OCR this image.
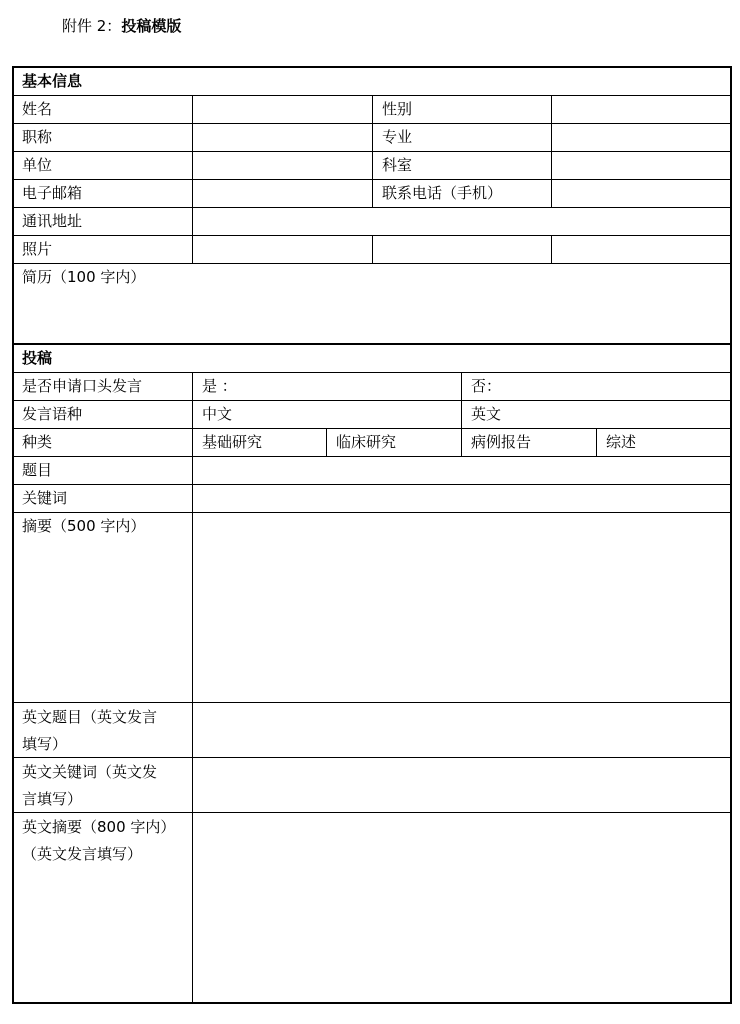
附件 2：投稿模版
基本信息
姓名	性别
职称	专业
单位	科室
电子邮箱	联系电话（手机）
通讯地址
照片
简历（100 字内）
投稿
是否申请口头发言	是 ：	否：
发言语种	中文	英文
种类	基础研究	临床研究	病例报告	综述
题目
关键词
摘要（500 字内）
英文题目（英文发言
填写）
英文关键词（英文发
言填写）
英文摘要（800 字内）
（英文发言填写）
